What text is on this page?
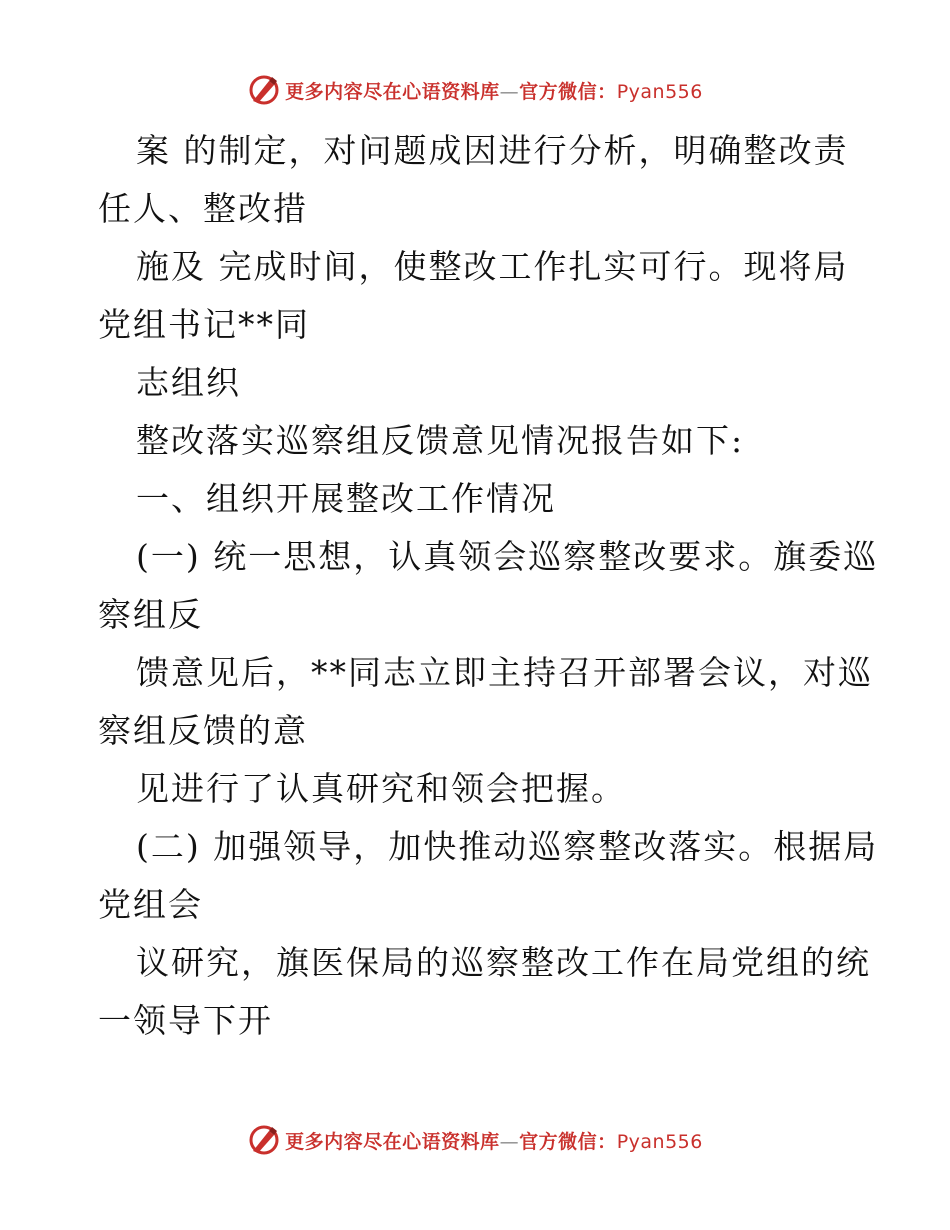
更多内容尽在心语资料库—官方微信：Pyan556
案 的制定，对问题成因进行分析，明确整改责
任人、整改措
施及 完成时间，使整改工作扎实可行。现将局
党组书记**同
志组织
整改落实巡察组反馈意见情况报告如下:
一、组织开展整改工作情况
(一) 统一思想，认真领会巡察整改要求。旗委巡
察组反
馈意见后，**同志立即主持召开部署会议，对巡
察组反馈的意
见进行了认真研究和领会把握。
(二) 加强领导，加快推动巡察整改落实。根据局
党组会
议研究，旗医保局的巡察整改工作在局党组的统
一领导下开
更多内容尽在心语资料库—官方微信：Pyan556
